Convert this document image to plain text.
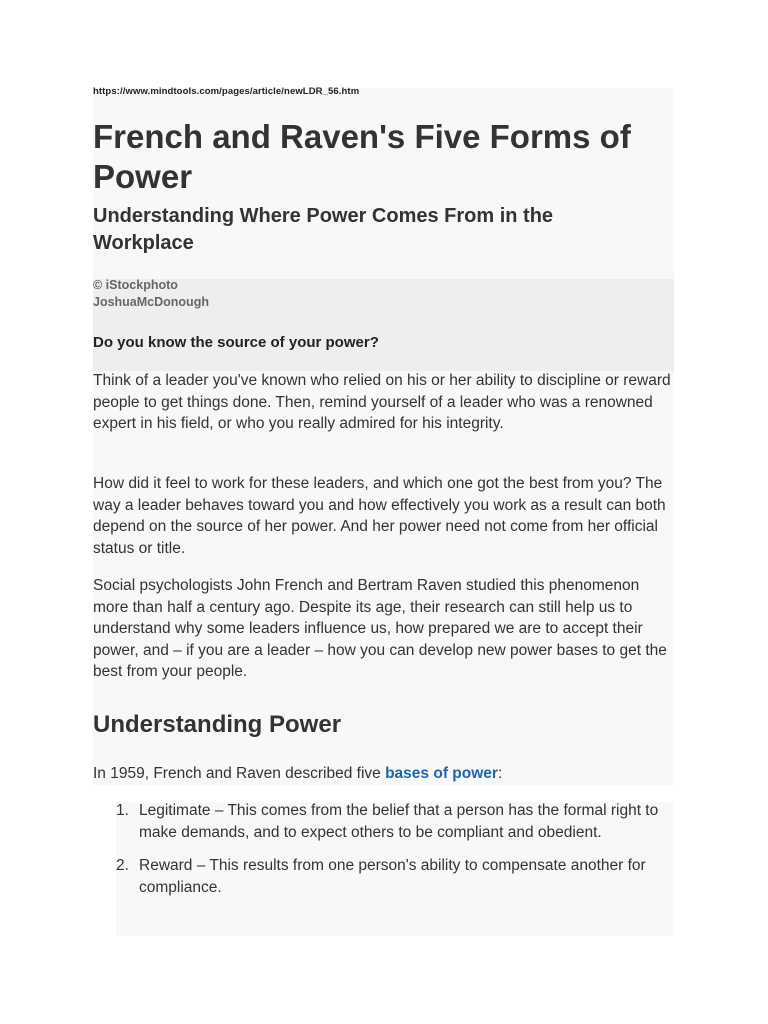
https://www.mindtools.com/pages/article/newLDR_56.htm
French and Raven's Five Forms of Power
Understanding Where Power Comes From in the Workplace
© iStockphoto
JoshuaMcDonough
Do you know the source of your power?

Think of a leader you've known who relied on his or her ability to discipline or reward people to get things done. Then, remind yourself of a leader who was a renowned expert in his field, or who you really admired for his integrity.

How did it feel to work for these leaders, and which one got the best from you? The way a leader behaves toward you and how effectively you work as a result can both depend on the source of her power. And her power need not come from her official status or title.

Social psychologists John French and Bertram Raven studied this phenomenon more than half a century ago. Despite its age, their research can still help us to understand why some leaders influence us, how prepared we are to accept their power, and – if you are a leader – how you can develop new power bases to get the best from your people.

Understanding Power

In 1959, French and Raven described five bases of power:

1. Legitimate – This comes from the belief that a person has the formal right to make demands, and to expect others to be compliant and obedient.
2. Reward – This results from one person's ability to compensate another for compliance.
